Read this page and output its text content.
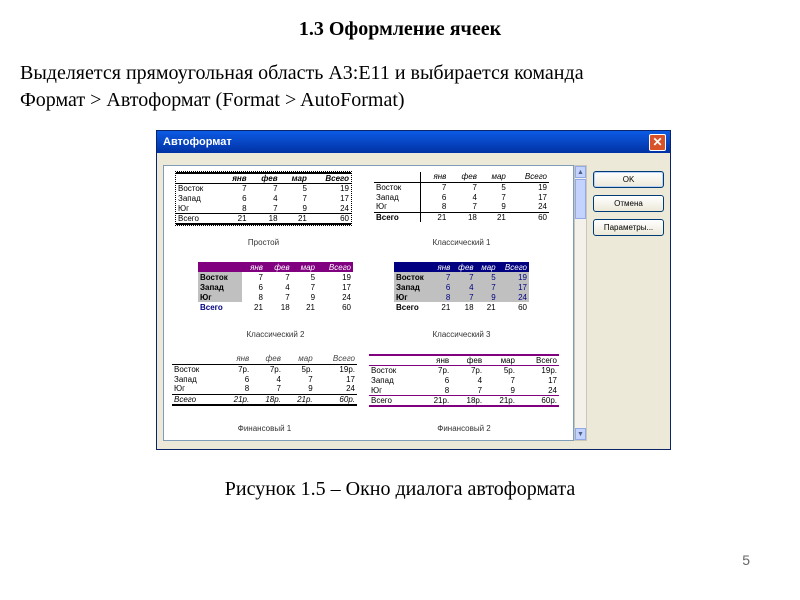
1.3 Оформление ячеек
Выделяется прямоугольная область А3:Е11 и выбирается команда
Формат > Автоформат (Format > AutoFormat)
Автоформат	✕
	янв	фев	мар	Всего
Восток	7	7	5	19
Запад	6	4	7	17
Юг	8	7	9	24
Всего	21	18	21	60
Простой
	янв	фев	мар	Всего
Восток	7	7	5	19
Запад	6	4	7	17
Юг	8	7	9	24
Всего	21	18	21	60
Классический 1
	янв	фев	мар	Всего
Восток	7	7	5	19
Запад	6	4	7	17
Юг	8	7	9	24
Всего	21	18	21	60
Классический 2
	янв	фев	мар	Всего
Восток	7	7	5	19
Запад	6	4	7	17
Юг	8	7	9	24
Всего	21	18	21	60
Классический 3
	янв	фев	мар	Всего
Восток	7р.	7р.	5р.	19р.
Запад	6	4	7	17
Юг	8	7	9	24
Всего	21р.	18р.	21р.	60р.
Финансовый 1
	янв	фев	мар	Всего
Восток	7р.	7р.	5р.	19р.
Запад	6	4	7	17
Юг	8	7	9	24
Всего	21р.	18р.	21р.	60р.
Финансовый 2
▲
▼
OK
Отмена
Параметры...
Рисунок 1.5 – Окно диалога автоформата
5
